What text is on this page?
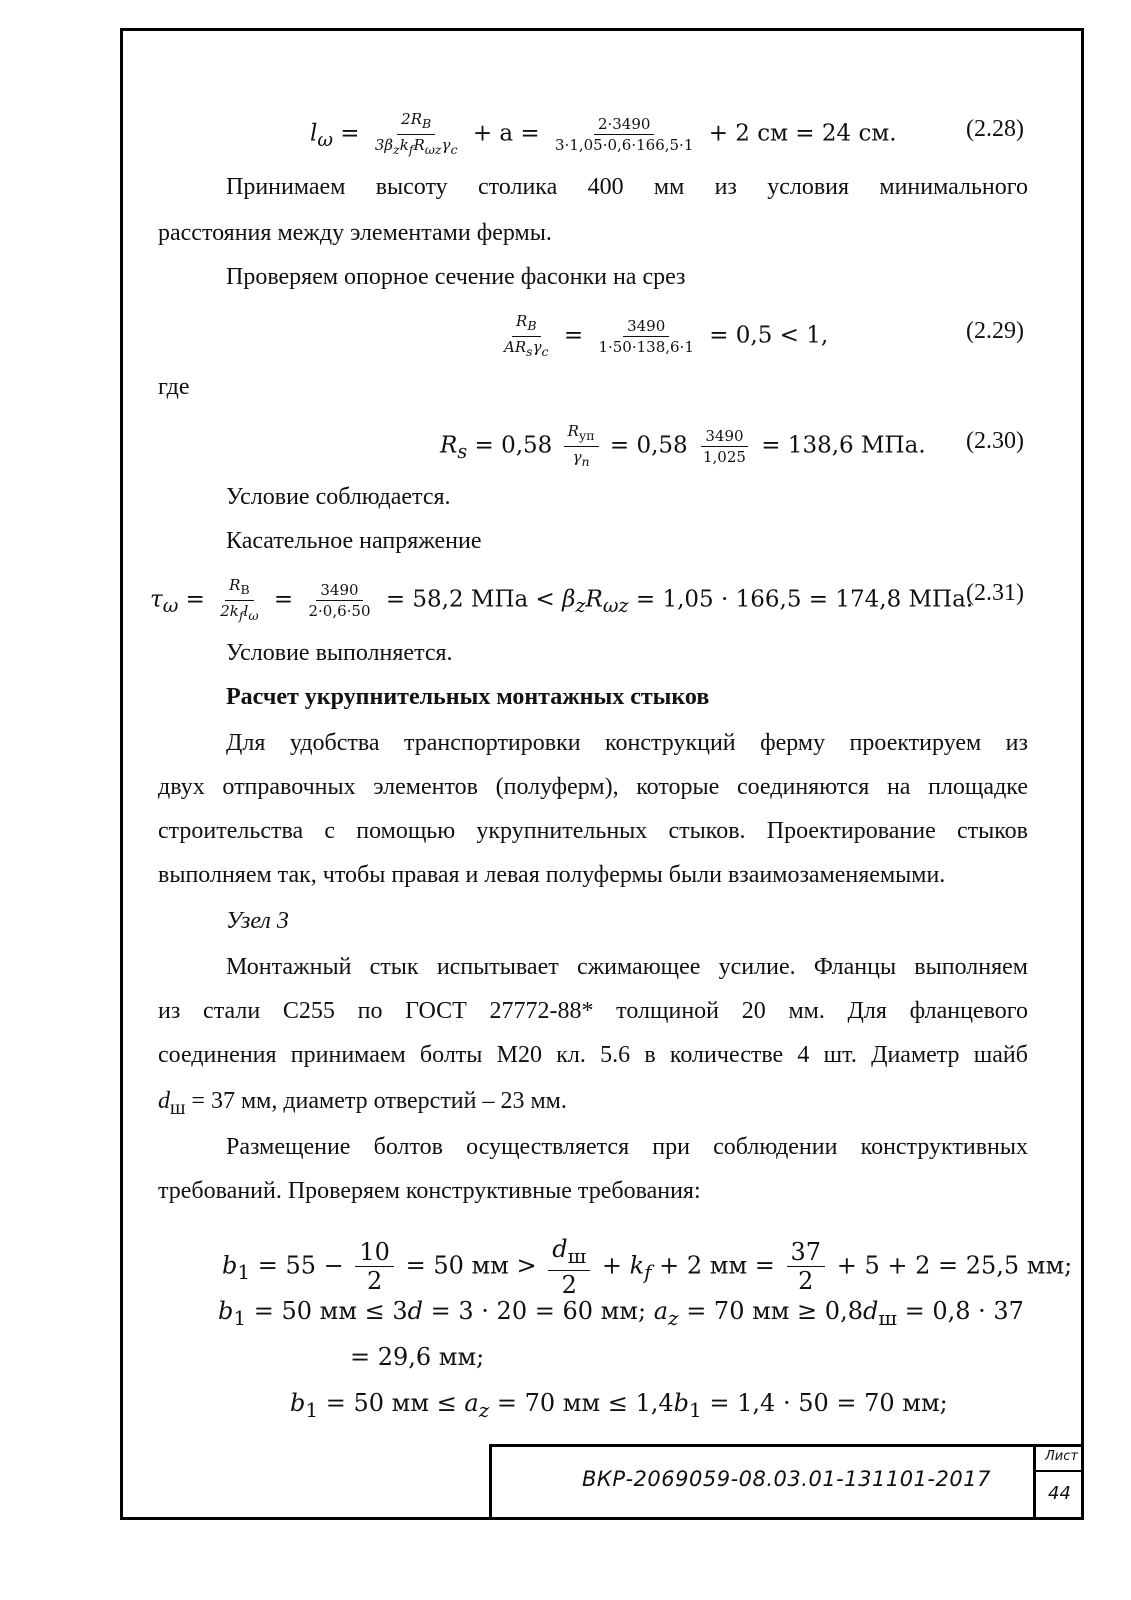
$l_\omega = \frac{2R_B}{3\beta_zk_fR_{\omega z}\gamma_c} + a = \frac{2\cdot 3490}{3\cdot 1,05\cdot 0,6\cdot 166,5\cdot 1} + 2$ см = 24 см.	(2.28)
Принимаем высоту столика 400 мм из условия минимального
расстояния между элементами фермы.
Проверяем опорное сечение фасонки на срез
$\frac{R_B}{AR_s\gamma_c} = \frac{3490}{1\cdot 50\cdot 138,6\cdot 1} = 0,5 < 1$,	(2.29)
где
$R_s = 0,58 \frac{R_{уп}}{\gamma_n} = 0,58 \frac{3490}{1,025} = 138,6$ МПа. (2.30)
Условие соблюдается.
Касательное напряжение
$\tau_\omega = \frac{R_В}{2k_fl_\omega} = \frac{3490}{2\cdot 0,6\cdot 50} = 58,2$ МПа < $\beta_zR_{\omega z} = 1,05 \cdot 166,5 = 174,8$ МПа.
(2.31)
Условие выполняется.
Расчет укрупнительных монтажных стыков
Для удобства транспортировки конструкций ферму проектируем из
двух отправочных элементов (полуферм), которые соединяются на площадке
строительства с помощью укрупнительных стыков. Проектирование стыков
выполняем так, чтобы правая и левая полуфермы были взаимозаменяемыми.
Узел 3
Монтажный стык испытывает сжимающее усилие. Фланцы выполняем
из стали С255 по ГОСТ 27772-88* толщиной 20 мм. Для фланцевого
соединения принимаем болты М20 кл. 5.6 в количестве 4 шт. Диаметр шайб
$d_ш = 37$ мм, диаметр отверстий – 23 мм.
Размещение болтов осуществляется при соблюдении конструктивных
требований. Проверяем конструктивные требования:
$b_1 = 55 - \frac{10}{2} = 50$ мм > $\frac{d_ш}{2} + k_f + 2$ мм = $\frac{37}{2} + 5 + 2 = 25,5$ мм;
$b_1 = 50$ мм ≤ 3d = 3 · 20 = 60 мм; $a_z = 70$ мм ≥ $0,8d_ш = 0,8 \cdot 37$
= 29,6 мм;
$b_1 = 50$ мм ≤ $a_z = 70$ мм ≤ $1,4b_1 = 1,4 \cdot 50 = 70$ мм;
ВКР-2069059-08.03.01-131101-2017
Лист
44
